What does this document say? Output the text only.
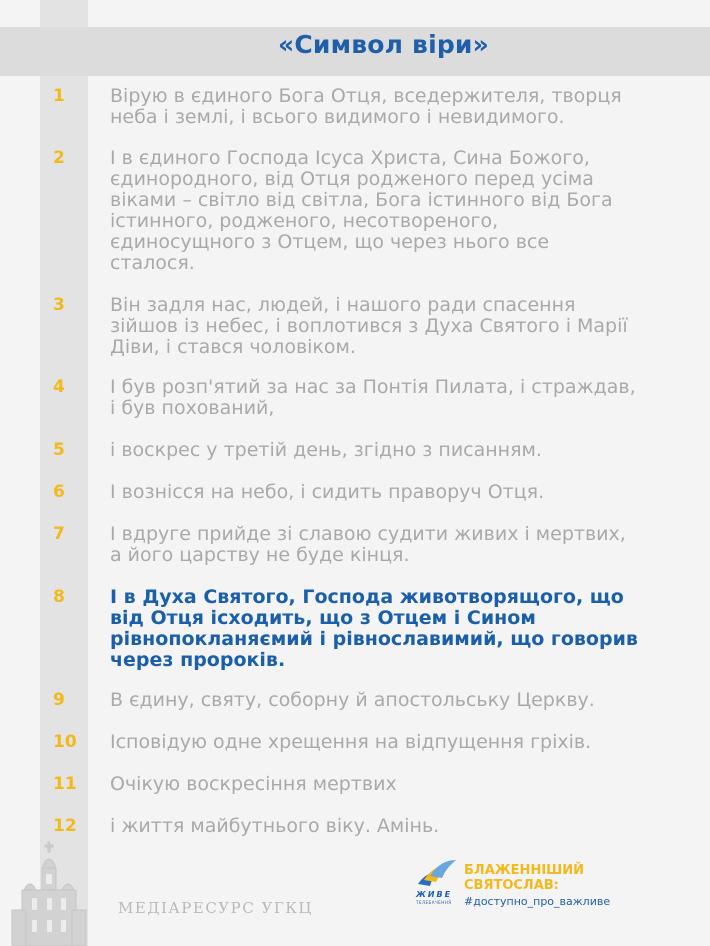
«Символ віри»
1 Вірую в єдиного Бога Отця, вседержителя, творця
неба і землі, і всього видимого і невидимого.
2 І в єдиного Господа Ісуса Христа, Сина Божого,
єдинородного, від Отця родженого перед усіма
віками – світло від світла, Бога істинного від Бога
істинного, родженого, несотвореного,
єдиносущного з Отцем, що через нього все
сталося.
3 Він задля нас, людей, і нашого ради спасення
зійшов із небес, і воплотився з Духа Святого і Марії
Діви, і стався чоловіком.
4 І був розп'ятий за нас за Понтія Пилата, і страждав,
і був похований,
5 і воскрес у третій день, згідно з писанням.
6 І вознісся на небо, і сидить праворуч Отця.
7 І вдруге прийде зі славою судити живих і мертвих,
а його царству не буде кінця.
8 І в Духа Святого, Господа животворящого, що
від Отця ісходить, що з Отцем і Сином
рівнопокланяємий і рівнославимий, що говорив
через пророків.
9 В єдину, святу, соборну й апостольську Церкву.
10 Ісповідую одне хрещення на відпущення гріхів.
11 Очікую воскресіння мертвих
12 і життя майбутнього віку. Амінь.
МЕДІАРЕСУРС УГКЦ
ЖИВЕ
ТЕЛЕБАЧЕННЯ
БЛАЖЕННІШИЙ
СВЯТОСЛАВ:
#доступно_про_важливе
